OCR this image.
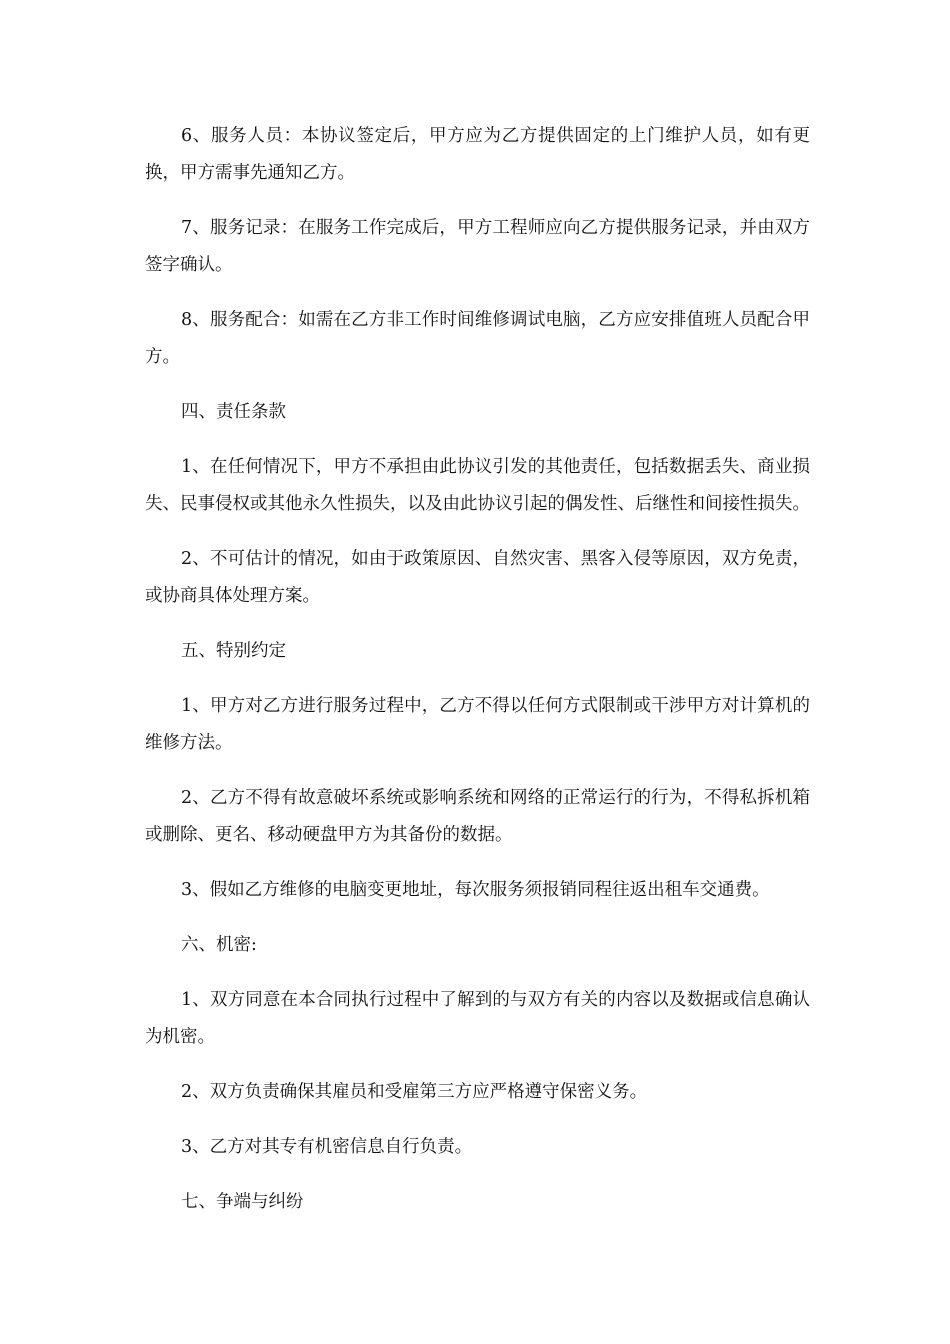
6、服务人员：本协议签定后，甲方应为乙方提供固定的上门维护人员，如有更换，甲方需事先通知乙方。

7、服务记录：在服务工作完成后，甲方工程师应向乙方提供服务记录，并由双方签字确认。

8、服务配合：如需在乙方非工作时间维修调试电脑，乙方应安排值班人员配合甲方。

四、责任条款

1、在任何情况下，甲方不承担由此协议引发的其他责任，包括数据丢失、商业损失、民事侵权或其他永久性损失，以及由此协议引起的偶发性、后继性和间接性损失。

2、不可估计的情况，如由于政策原因、自然灾害、黑客入侵等原因，双方免责，或协商具体处理方案。

五、特别约定

1、甲方对乙方进行服务过程中，乙方不得以任何方式限制或干涉甲方对计算机的维修方法。

2、乙方不得有故意破坏系统或影响系统和网络的正常运行的行为，不得私拆机箱或删除、更名、移动硬盘甲方为其备份的数据。

3、假如乙方维修的电脑变更地址，每次服务须报销同程往返出租车交通费。

六、机密:

1、双方同意在本合同执行过程中了解到的与双方有关的内容以及数据或信息确认为机密。

2、双方负责确保其雇员和受雇第三方应严格遵守保密义务。

3、乙方对其专有机密信息自行负责。

七、争端与纠纷
